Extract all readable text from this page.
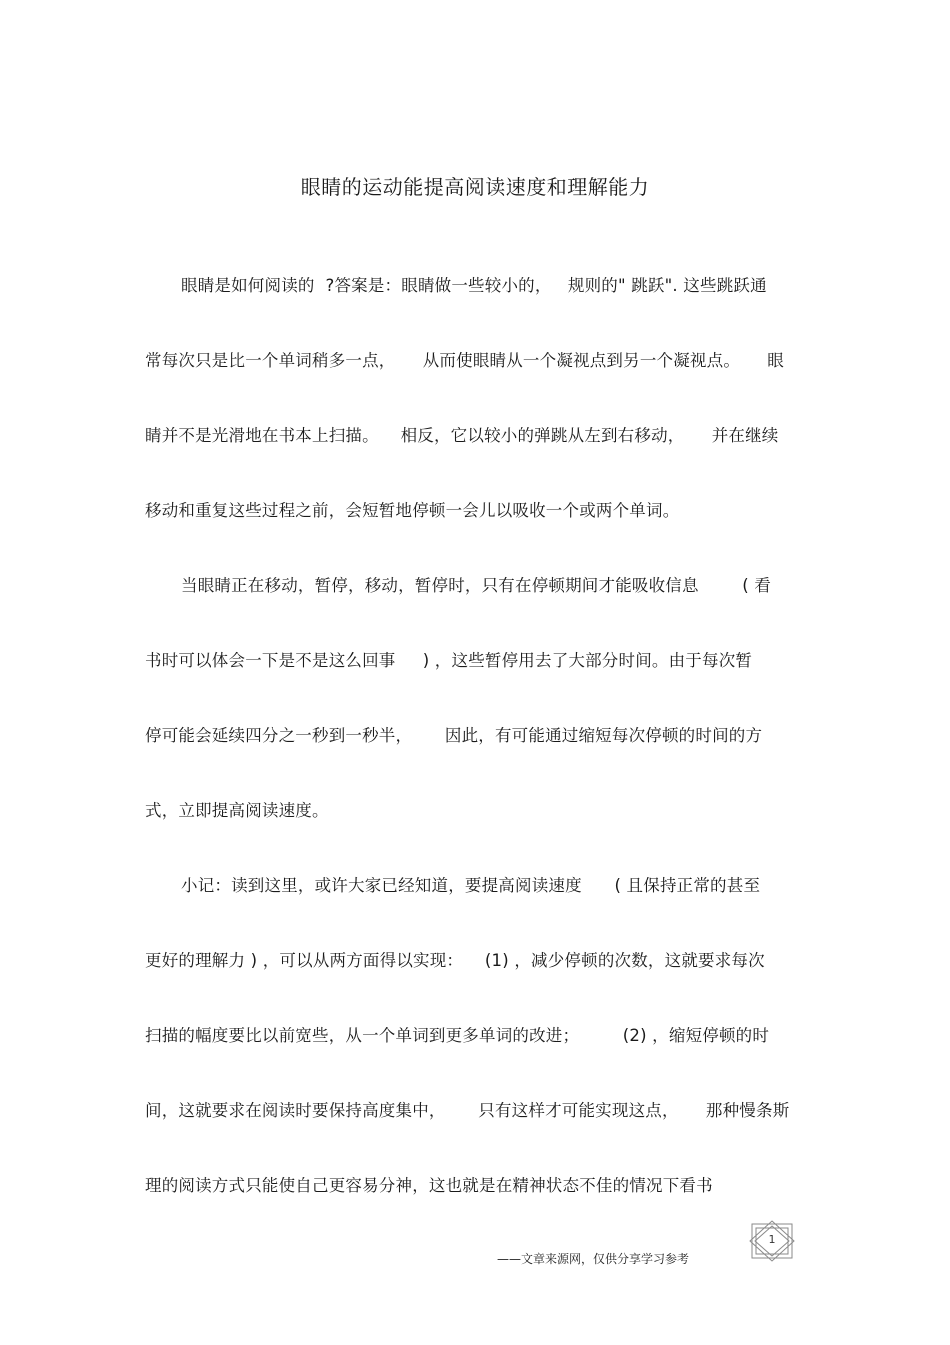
眼睛的运动能提高阅读速度和理解能力
眼睛是如何阅读的  ?答案是：眼睛做一些较小的，   规则的" 跳跃". 这些跳跃通
常每次只是比一个单词稍多一点，     从而使眼睛从一个凝视点到另一个凝视点。     眼
睛并不是光滑地在书本上扫描。    相反，它以较小的弹跳从左到右移动，     并在继续
移动和重复这些过程之前，会短暂地停顿一会儿以吸收一个或两个单词。
当眼睛正在移动，暂停，移动，暂停时，只有在停顿期间才能吸收信息        ( 看
书时可以体会一下是不是这么回事     ) ，这些暂停用去了大部分时间。由于每次暂
停可能会延续四分之一秒到一秒半，      因此，有可能通过缩短每次停顿的时间的方
式，立即提高阅读速度。
小记：读到这里，或许大家已经知道，要提高阅读速度      ( 且保持正常的甚至
更好的理解力 ) ，可以从两方面得以实现：    (1) ，减少停顿的次数，这就要求每次
扫描的幅度要比以前宽些，从一个单词到更多单词的改进；        (2) ，缩短停顿的时
间，这就要求在阅读时要保持高度集中，      只有这样才可能实现这点，     那种慢条斯
理的阅读方式只能使自己更容易分神，这也就是在精神状态不佳的情况下看书
1
——文章来源网，仅供分享学习参考
